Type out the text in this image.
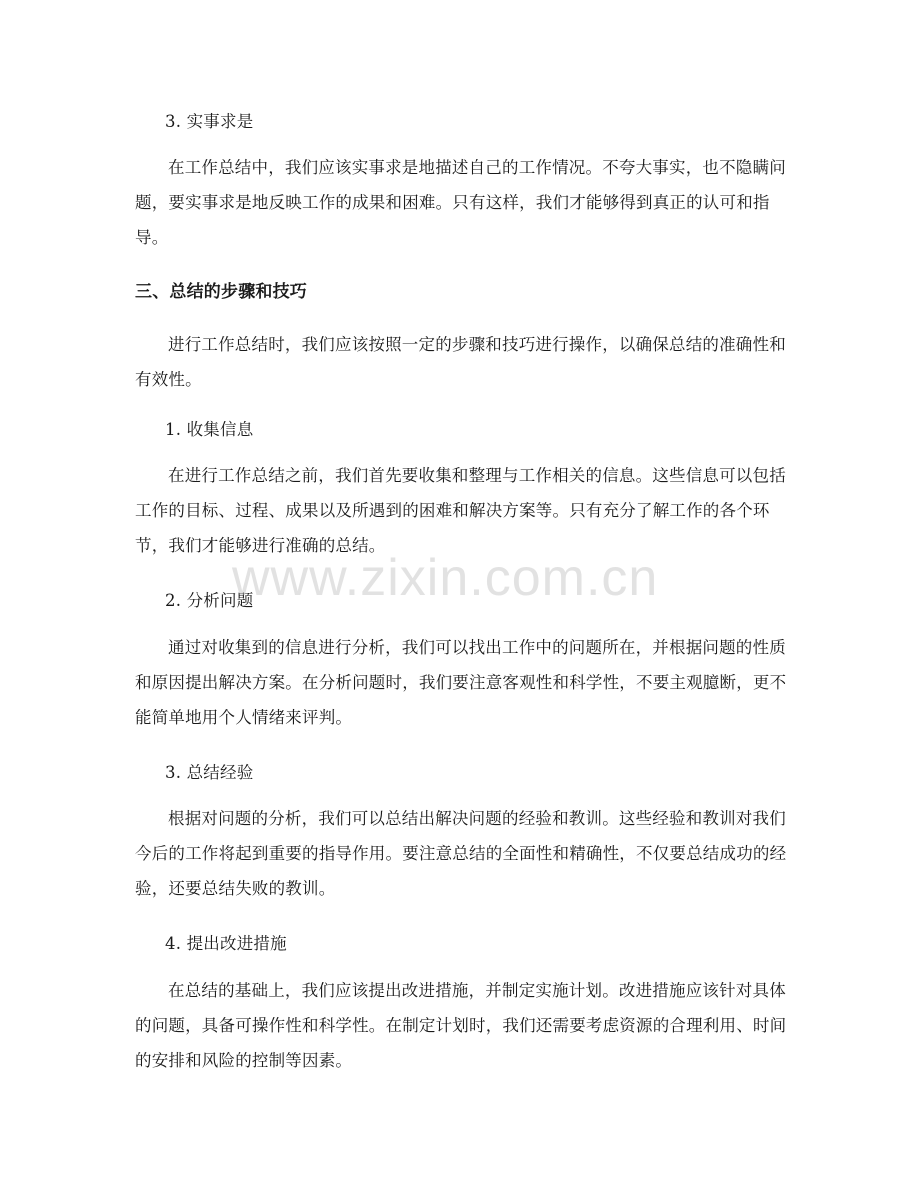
3. 实事求是

在工作总结中，我们应该实事求是地描述自己的工作情况。不夸大事实，也不隐瞒问题，要实事求是地反映工作的成果和困难。只有这样，我们才能够得到真正的认可和指导。

三、总结的步骤和技巧

进行工作总结时，我们应该按照一定的步骤和技巧进行操作，以确保总结的准确性和有效性。

1. 收集信息

在进行工作总结之前，我们首先要收集和整理与工作相关的信息。这些信息可以包括工作的目标、过程、成果以及所遇到的困难和解决方案等。只有充分了解工作的各个环节，我们才能够进行准确的总结。

2. 分析问题

通过对收集到的信息进行分析，我们可以找出工作中的问题所在，并根据问题的性质和原因提出解决方案。在分析问题时，我们要注意客观性和科学性，不要主观臆断，更不能简单地用个人情绪来评判。

3. 总结经验

根据对问题的分析，我们可以总结出解决问题的经验和教训。这些经验和教训对我们今后的工作将起到重要的指导作用。要注意总结的全面性和精确性，不仅要总结成功的经验，还要总结失败的教训。

4. 提出改进措施

在总结的基础上，我们应该提出改进措施，并制定实施计划。改进措施应该针对具体的问题，具备可操作性和科学性。在制定计划时，我们还需要考虑资源的合理利用、时间的安排和风险的控制等因素。

www.zixin.com.cn
